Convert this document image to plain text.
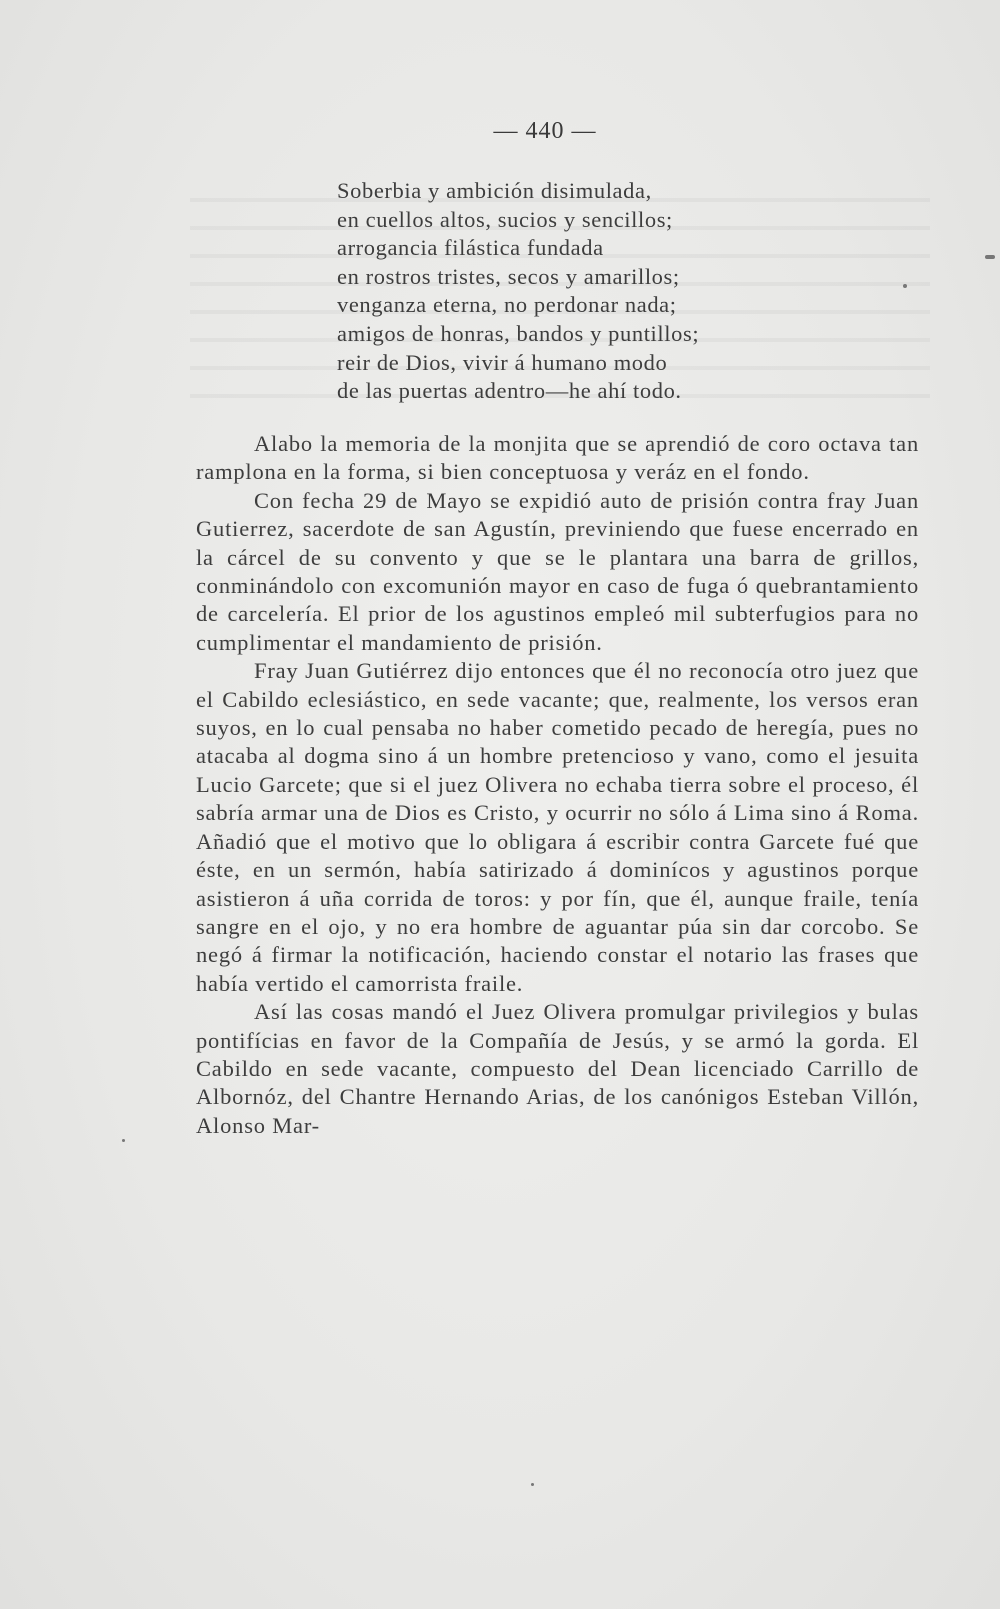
— 440 —
Soberbia y ambición disimulada,
en cuellos altos, sucios y sencillos;
arrogancia filástica fundada
en rostros tristes, secos y amarillos;
venganza eterna, no perdonar nada;
amigos de honras, bandos y puntillos;
reir de Dios, vivir á humano modo
de las puertas adentro—he ahí todo.

Alabo la memoria de la monjita que se aprendió de coro octava tan ramplona en la forma, si bien conceptuosa y veráz en el fondo.

Con fecha 29 de Mayo se expidió auto de prisión contra fray Juan Gutierrez, sacerdote de san Agustín, previniendo que fuese encerrado en la cárcel de su convento y que se le plantara una barra de grillos, conminándolo con excomunión mayor en caso de fuga ó quebrantamiento de carcelería. El prior de los agustinos empleó mil subterfugios para no cumplimentar el mandamiento de prisión.

Fray Juan Gutiérrez dijo entonces que él no reconocía otro juez que el Cabildo eclesiástico, en sede vacante; que, realmente, los versos eran suyos, en lo cual pensaba no haber cometido pecado de heregía, pues no atacaba al dogma sino á un hombre pretencioso y vano, como el jesuita Lucio Garcete; que si el juez Olivera no echaba tierra sobre el proceso, él sabría armar una de Dios es Cristo, y ocurrir no sólo á Lima sino á Roma. Añadió que el motivo que lo obligara á escribir contra Garcete fué que éste, en un sermón, había satirizado á dominícos y agustinos porque asistieron á uña corrida de toros: y por fín, que él, aunque fraile, tenía sangre en el ojo, y no era hombre de aguantar púa sin dar corcobo. Se negó á firmar la notificación, haciendo constar el notario las frases que había vertido el camorrista fraile.

Así las cosas mandó el Juez Olivera promulgar privilegios y bulas pontifícias en favor de la Compañía de Jesús, y se armó la gorda. El Cabildo en sede vacante, compuesto del Dean licenciado Carrillo de Albornóz, del Chantre Hernando Arias, de los canónigos Esteban Villón, Alonso Mar-
